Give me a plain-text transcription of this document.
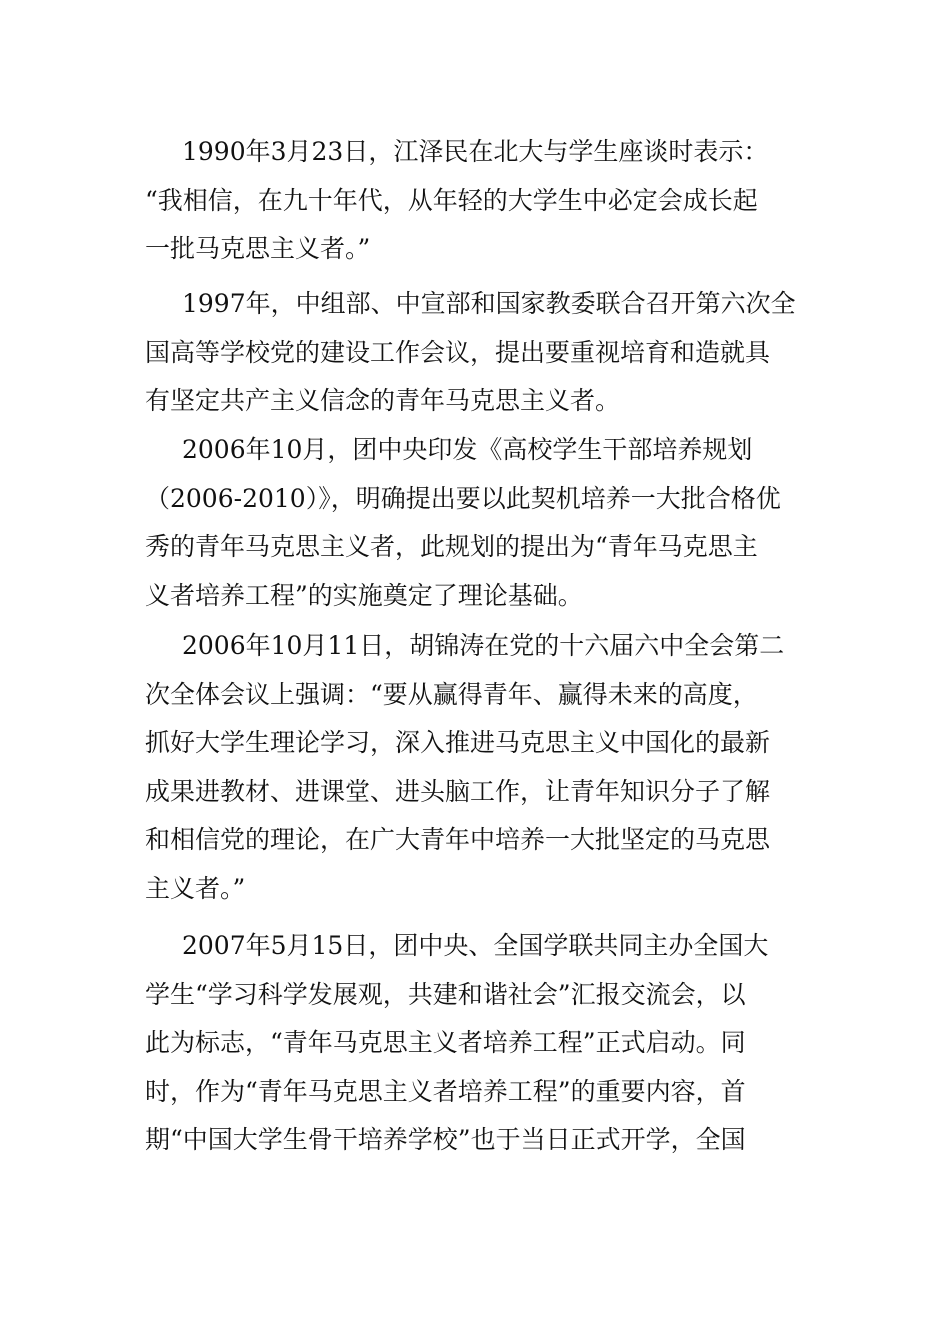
1990年3月23日，江泽民在北大与学生座谈时表示：
“我相信，在九十年代，从年轻的大学生中必定会成长起
一批马克思主义者。”
1997年，中组部、中宣部和国家教委联合召开第六次全
国高等学校党的建设工作会议，提出要重视培育和造就具
有坚定共产主义信念的青年马克思主义者。
2006年10月，团中央印发《高校学生干部培养规划
（2006-2010）》，明确提出要以此契机培养一大批合格优
秀的青年马克思主义者，此规划的提出为“青年马克思主
义者培养工程”的实施奠定了理论基础。
2006年10月11日，胡锦涛在党的十六届六中全会第二
次全体会议上强调：“要从赢得青年、赢得未来的高度，
抓好大学生理论学习，深入推进马克思主义中国化的最新
成果进教材、进课堂、进头脑工作，让青年知识分子了解
和相信党的理论，在广大青年中培养一大批坚定的马克思
主义者。”
2007年5月15日，团中央、全国学联共同主办全国大
学生“学习科学发展观，共建和谐社会”汇报交流会，以
此为标志，“青年马克思主义者培养工程”正式启动。同
时，作为“青年马克思主义者培养工程”的重要内容，首
期“中国大学生骨干培养学校”也于当日正式开学，全国
